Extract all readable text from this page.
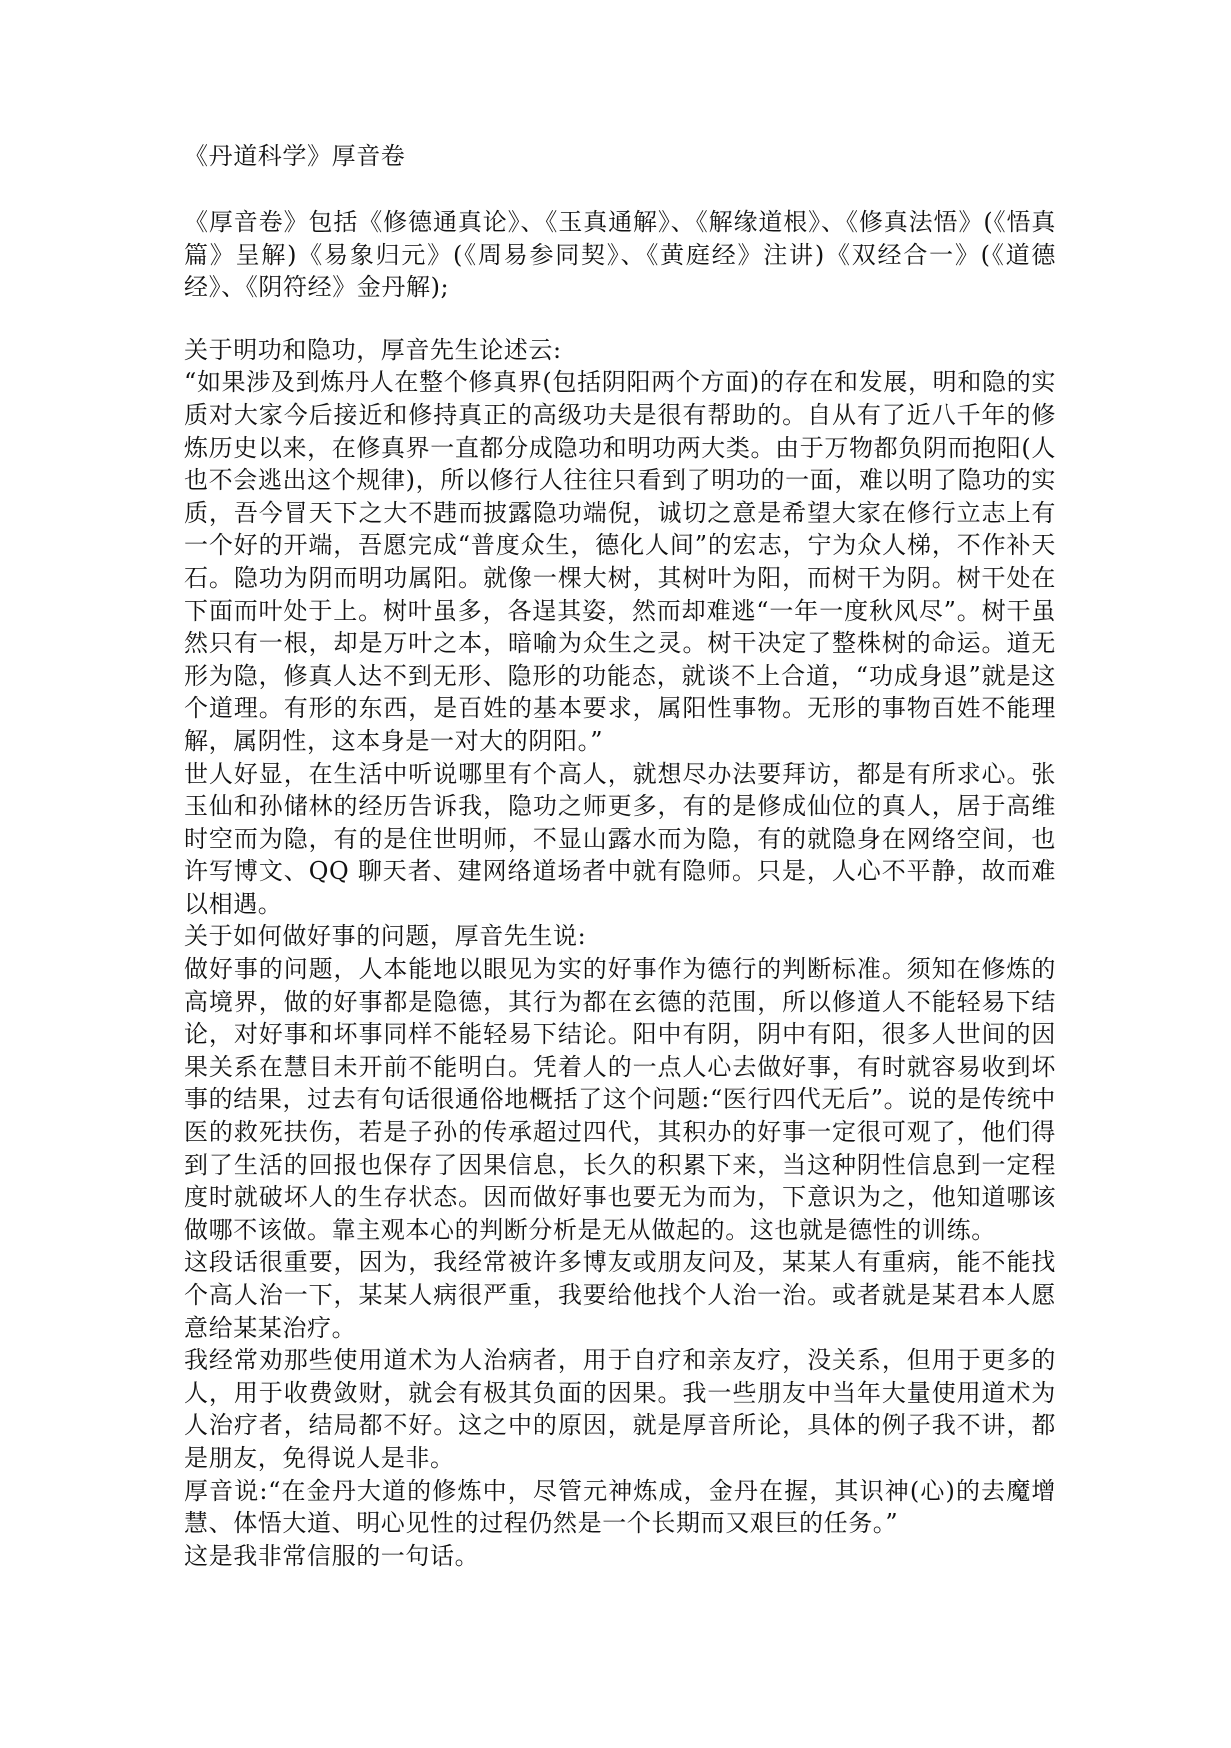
《丹道科学》厚音卷

《厚音卷》包括《修德通真论》、《玉真通解》、《解缘道根》、《修真法悟》(《悟真篇》呈解)《易象归元》(《周易参同契》、《黄庭经》注讲)《双经合一》(《道德经》、《阴符经》金丹解);

关于明功和隐功，厚音先生论述云:

“如果涉及到炼丹人在整个修真界(包括阴阳两个方面)的存在和发展，明和隐的实质对大家今后接近和修持真正的高级功夫是很有帮助的。自从有了近八千年的修炼历史以来，在修真界一直都分成隐功和明功两大类。由于万物都负阴而抱阳(人也不会逃出这个规律)，所以修行人往往只看到了明功的一面，难以明了隐功的实质，吾今冒天下之大不韪而披露隐功端倪，诚切之意是希望大家在修行立志上有一个好的开端，吾愿完成“普度众生，德化人间”的宏志，宁为众人梯，不作补天石。隐功为阴而明功属阳。就像一棵大树，其树叶为阳，而树干为阴。树干处在下面而叶处于上。树叶虽多，各逞其姿，然而却难逃“一年一度秋风尽”。树干虽然只有一根，却是万叶之本，暗喻为众生之灵。树干决定了整株树的命运。道无形为隐，修真人达不到无形、隐形的功能态，就谈不上合道，“功成身退”就是这个道理。有形的东西，是百姓的基本要求，属阳性事物。无形的事物百姓不能理解，属阴性，这本身是一对大的阴阳。”

世人好显，在生活中听说哪里有个高人，就想尽办法要拜访，都是有所求心。张玉仙和孙储林的经历告诉我，隐功之师更多，有的是修成仙位的真人，居于高维时空而为隐，有的是住世明师，不显山露水而为隐，有的就隐身在网络空间，也许写博文、QQ 聊天者、建网络道场者中就有隐师。只是，人心不平静，故而难以相遇。

关于如何做好事的问题，厚音先生说:

做好事的问题，人本能地以眼见为实的好事作为德行的判断标准。须知在修炼的高境界，做的好事都是隐德，其行为都在玄德的范围，所以修道人不能轻易下结论，对好事和坏事同样不能轻易下结论。阳中有阴，阴中有阳，很多人世间的因果关系在慧目未开前不能明白。凭着人的一点人心去做好事，有时就容易收到坏事的结果，过去有句话很通俗地概括了这个问题:“医行四代无后”。说的是传统中医的救死扶伤，若是子孙的传承超过四代，其积办的好事一定很可观了，他们得到了生活的回报也保存了因果信息，长久的积累下来，当这种阴性信息到一定程度时就破坏人的生存状态。因而做好事也要无为而为，下意识为之，他知道哪该做哪不该做。靠主观本心的判断分析是无从做起的。这也就是德性的训练。

这段话很重要，因为，我经常被许多博友或朋友问及，某某人有重病，能不能找个高人治一下，某某人病很严重，我要给他找个人治一治。或者就是某君本人愿意给某某治疗。

我经常劝那些使用道术为人治病者，用于自疗和亲友疗，没关系，但用于更多的人，用于收费敛财，就会有极其负面的因果。我一些朋友中当年大量使用道术为人治疗者，结局都不好。这之中的原因，就是厚音所论，具体的例子我不讲，都是朋友，免得说人是非。

厚音说:“在金丹大道的修炼中，尽管元神炼成，金丹在握，其识神(心)的去魔增慧、体悟大道、明心见性的过程仍然是一个长期而又艰巨的任务。”

这是我非常信服的一句话。
